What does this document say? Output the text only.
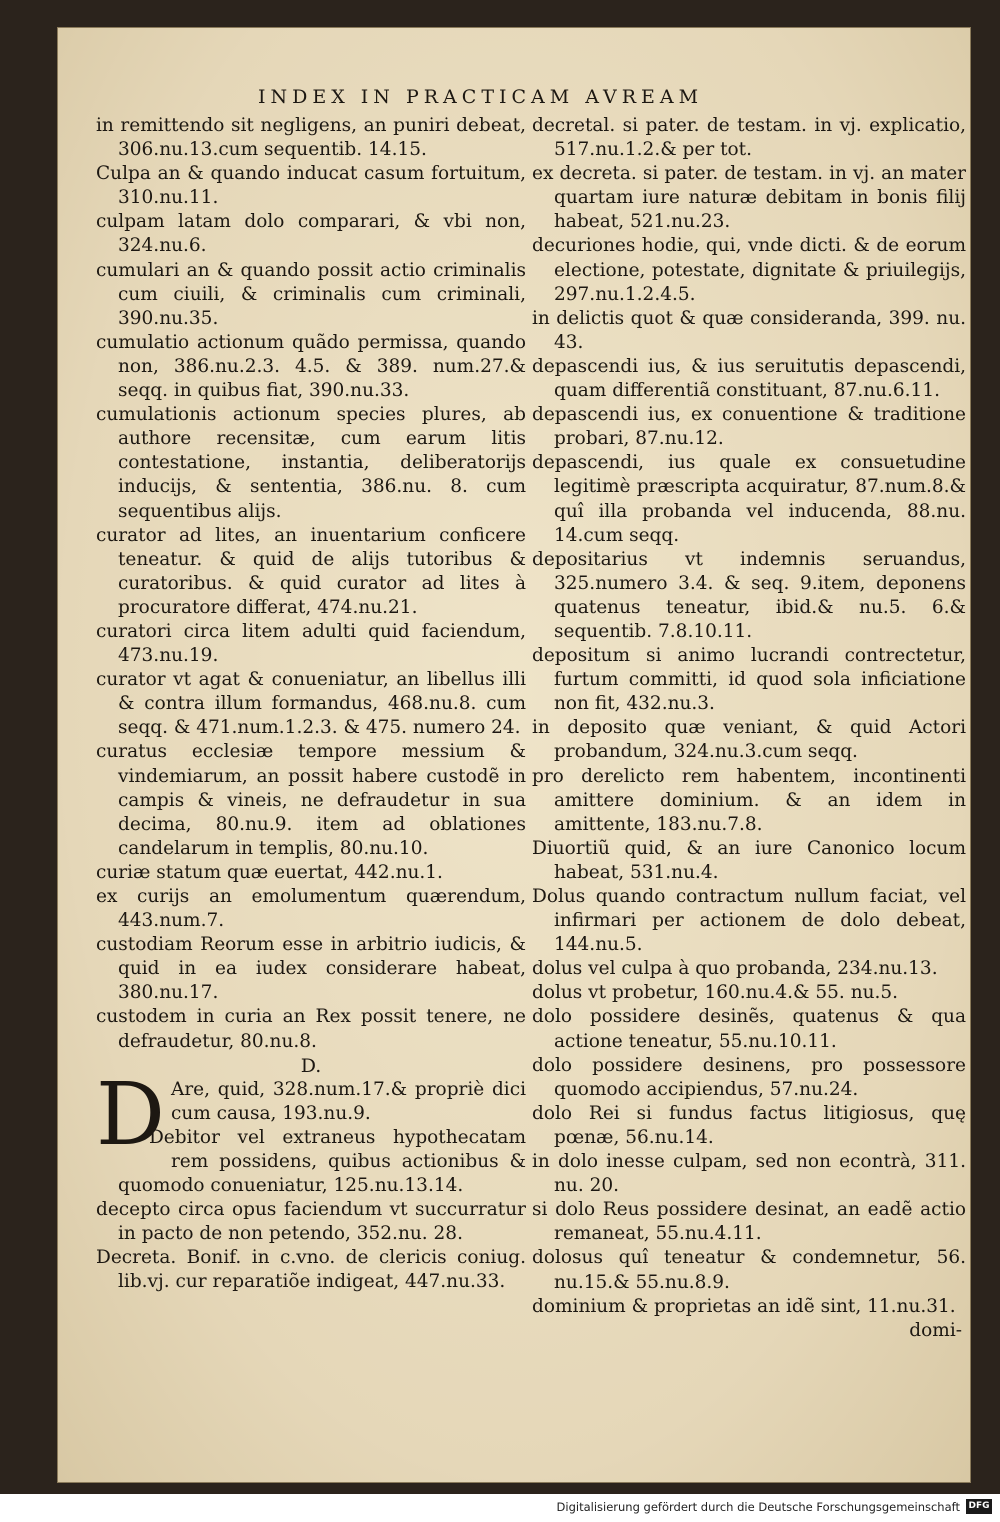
INDEX IN PRACTICAM AVREAM

in remittendo sit negligens, an puniri debeat, 306.nu.13.cum sequentib. 14.15.

Culpa an & quando inducat casum fortuitum, 310.nu.11.

culpam latam dolo comparari, & vbi non, 324.nu.6.

cumulari an & quando possit actio criminalis cum ciuili, & criminalis cum criminali, 390.nu.35.

cumulatio actionum quãdo permissa, quando non, 386.nu.2.3. 4.5. & 389. num.27.& seqq. in quibus fiat, 390.nu.33.

cumulationis actionum species plures, ab authore recensitæ, cum earum litis contestatione, instantia, deliberatorijs inducijs, & sententia, 386.nu. 8. cum sequentibus alijs.

curator ad lites, an inuentarium conficere teneatur. & quid de alijs tutoribus & curatoribus. & quid curator ad lites à procuratore differat, 474.nu.21.

curatori circa litem adulti quid faciendum, 473.nu.19.

curator vt agat & conueniatur, an libellus illi & contra illum formandus, 468.nu.8. cum seqq. & 471.num.1.2.3. & 475. numero 24.

curatus ecclesiæ tempore messium & vindemiarum, an possit habere custodẽ in campis & vineis, ne defraudetur in sua decima, 80.nu.9. item ad oblationes candelarum in templis, 80.nu.10.

curiæ statum quæ euertat, 442.nu.1.

ex curijs an emolumentum quærendum, 443.num.7.

custodiam Reorum esse in arbitrio iudicis, & quid in ea iudex considerare habeat, 380.nu.17.

custodem in curia an Rex possit tenere, ne defraudetur, 80.nu.8.

D.

D Are, quid, 328.num.17.& propriè dici cum causa, 193.nu.9.

Debitor vel extraneus hypothecatam rem possidens, quibus actionibus & quomodo conueniatur, 125.nu.13.14.

decepto circa opus faciendum vt succurratur in pacto de non petendo, 352.nu. 28.

Decreta. Bonif. in c.vno. de clericis coniug. lib.vj. cur reparatiõe indigeat, 447.nu.33.

decretal. si pater. de testam. in vj. explicatio, 517.nu.1.2.& per tot.

ex decreta. si pater. de testam. in vj. an mater quartam iure naturæ debitam in bonis filij habeat, 521.nu.23.

decuriones hodie, qui, vnde dicti. & de eorum electione, potestate, dignitate & priuilegijs, 297.nu.1.2.4.5.

in delictis quot & quæ consideranda, 399. nu. 43.

depascendi ius, & ius seruitutis depascendi, quam differentiã constituant, 87.nu.6.11.

depascendi ius, ex conuentione & traditione probari, 87.nu.12.

depascendi, ius quale ex consuetudine legitimè præscripta acquiratur, 87.num.8.& quî illa probanda vel inducenda, 88.nu. 14.cum seqq.

depositarius vt indemnis seruandus, 325.numero 3.4. & seq. 9.item, deponens quatenus teneatur, ibid.& nu.5. 6.& sequentib. 7.8.10.11.

depositum si animo lucrandi contrectetur, furtum committi, id quod sola inficiatione non fit, 432.nu.3.

in deposito quæ veniant, & quid Actori probandum, 324.nu.3.cum seqq.

pro derelicto rem habentem, incontinenti amittere dominium. & an idem in amittente, 183.nu.7.8.

Diuortiũ quid, & an iure Canonico locum habeat, 531.nu.4.

Dolus quando contractum nullum faciat, vel infirmari per actionem de dolo debeat, 144.nu.5.

dolus vel culpa à quo probanda, 234.nu.13.

dolus vt probetur, 160.nu.4.& 55. nu.5.

dolo possidere desinẽs, quatenus & qua actione teneatur, 55.nu.10.11.

dolo possidere desinens, pro possessore quomodo accipiendus, 57.nu.24.

dolo Rei si fundus factus litigiosus, quę pœnæ, 56.nu.14.

in dolo inesse culpam, sed non econtrà, 311. nu. 20.

si dolo Reus possidere desinat, an eadẽ actio remaneat, 55.nu.4.11.

dolosus quî teneatur & condemnetur, 56. nu.15.& 55.nu.8.9.

dominium & proprietas an idẽ sint, 11.nu.31.

domi-

Digitalisierung gefördert durch die Deutsche Forschungsgemeinschaft DFG
